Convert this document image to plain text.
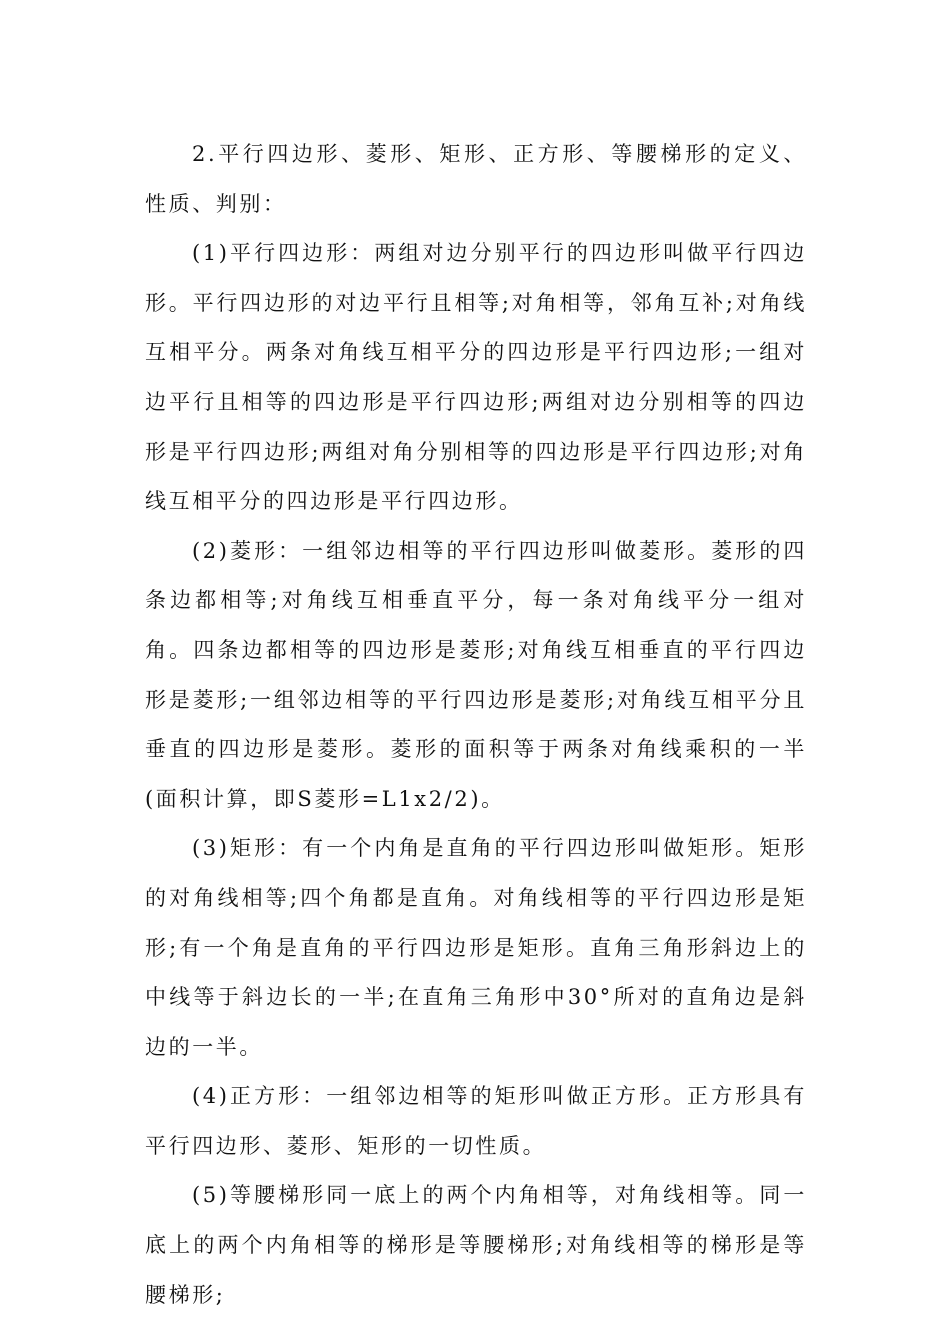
2.平行四边形、菱形、矩形、正方形、等腰梯形的定义、性质、判别：

(1)平行四边形：两组对边分别平行的四边形叫做平行四边形。平行四边形的对边平行且相等;对角相等，邻角互补;对角线互相平分。两条对角线互相平分的四边形是平行四边形;一组对边平行且相等的四边形是平行四边形;两组对边分别相等的四边形是平行四边形;两组对角分别相等的四边形是平行四边形;对角线互相平分的四边形是平行四边形。

(2)菱形：一组邻边相等的平行四边形叫做菱形。菱形的四条边都相等;对角线互相垂直平分，每一条对角线平分一组对角。四条边都相等的四边形是菱形;对角线互相垂直的平行四边形是菱形;一组邻边相等的平行四边形是菱形;对角线互相平分且垂直的四边形是菱形。菱形的面积等于两条对角线乘积的一半(面积计算，即S菱形=L1x2/2)。

(3)矩形：有一个内角是直角的平行四边形叫做矩形。矩形的对角线相等;四个角都是直角。对角线相等的平行四边形是矩形;有一个角是直角的平行四边形是矩形。直角三角形斜边上的中线等于斜边长的一半;在直角三角形中30°所对的直角边是斜边的一半。

(4)正方形：一组邻边相等的矩形叫做正方形。正方形具有平行四边形、菱形、矩形的一切性质。

(5)等腰梯形同一底上的两个内角相等，对角线相等。同一底上的两个内角相等的梯形是等腰梯形;对角线相等的梯形是等腰梯形;
